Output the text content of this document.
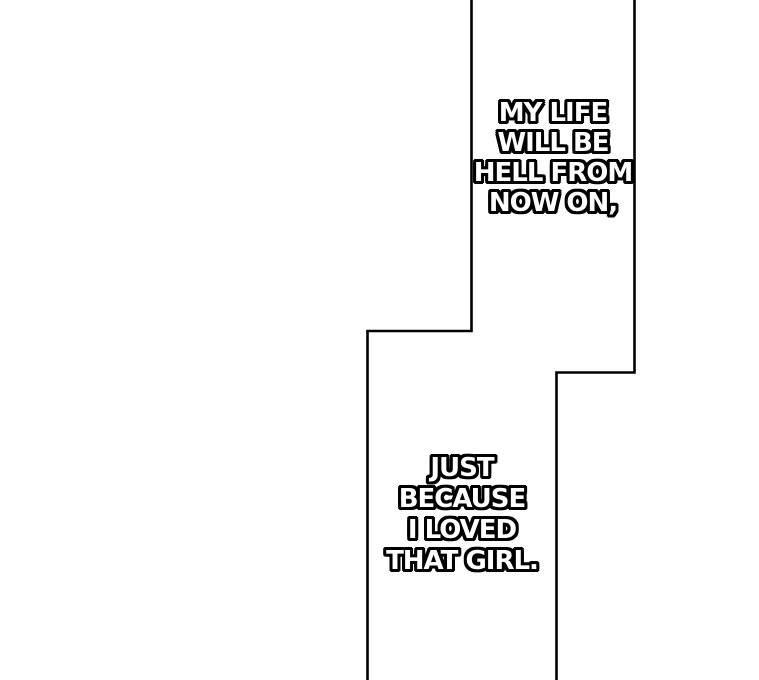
MY LIFE
WILL BE
HELL FROM
NOW ON,
JUST
BECAUSE
I LOVED
THAT GIRL.
